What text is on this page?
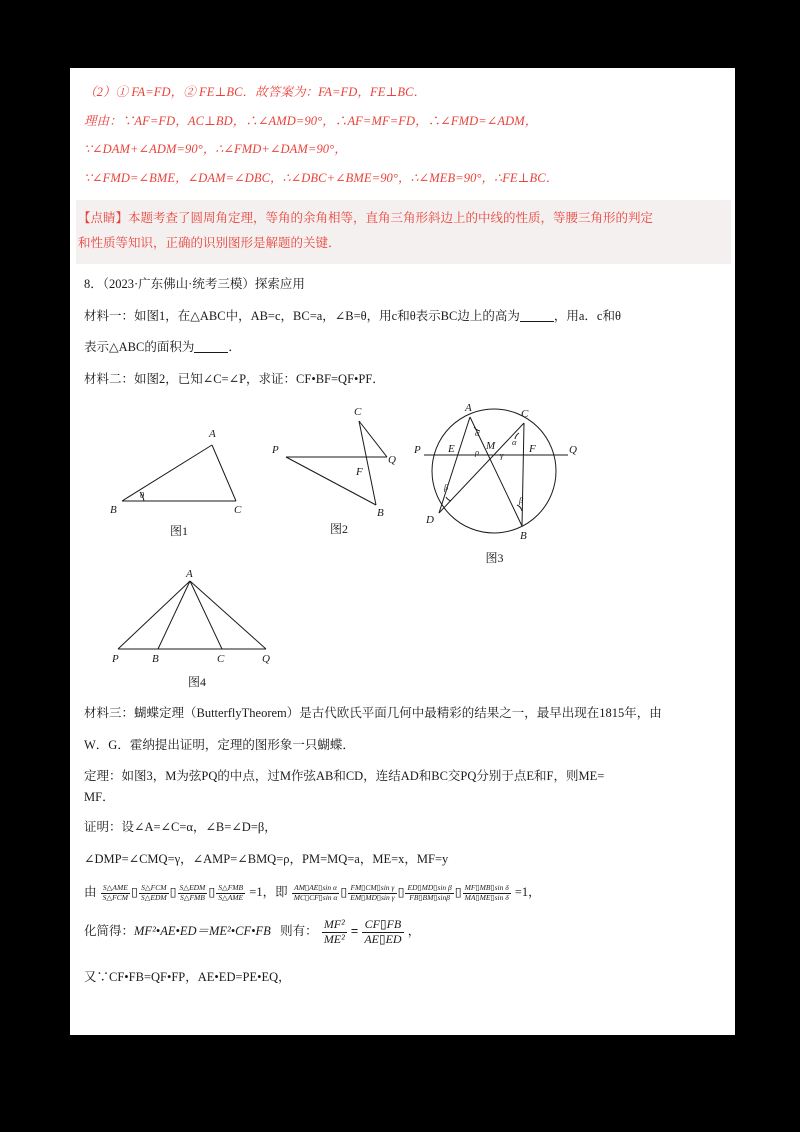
（2）① FA=FD，② FE⊥BC．故答案为：FA=FD，FE⊥BC．

理由：∵AF=FD，AC⊥BD，∴∠AMD=90°，∴AF=MF=FD，∴∠FMD=∠ADM，

∵∠DAM+∠ADM=90°，∴∠FMD+∠DAM=90°，

∵∠FMD=∠BME，∠DAM=∠DBC，∴∠DBC+∠BME=90°，∴∠MEB=90°，∴FE⊥BC．

【点睛】本题考查了圆周角定理，等角的余角相等，直角三角形斜边上的中线的性质，等腰三角形的判定

和性质等知识，正确的识别图形是解题的关键．

8．（2023·广东佛山·统考三模）探索应用

材料一：如图1，在△ABC中，AB=c，BC=a，∠B=θ，用c和θ表示BC边上的高为	，用a．c和θ

表示△ABC的面积为	．

材料二：如图2，已知∠C=∠P，求证：CF•BF=QF•PF．

A
B	C
θ
图1
C
P
Q
F
B
图2
A	C
P	Q
D
B
E	F
M
α
α
β
β
ρ γ
图3
A
P	B	C	Q
图4

材料三：蝴蝶定理（ButterflyTheorem）是古代欧氏平面几何中最精彩的结果之一，最早出现在1815年，由

W．G．霍纳提出证明，定理的图形象一只蝴蝶．

定理：如图3，M为弦PQ的中点，过M作弦AB和CD，连结AD和BC交PQ分别于点E和F，则ME=

MF．

证明：设∠A=∠C=α，∠B=∠D=β，

∠DMP=∠CMQ=γ，∠AMP=∠BMQ=ρ，PM=MQ=a，ME=x，MF=y

由 $\frac{\text{S△AME}}{\text{S△FCM}}$ ▯ $\frac{\text{S△FCM}}{\text{S△EDM}}$ ▯ $\frac{\text{S△EDM}}{\text{S△FMB}}$ ▯ $\frac{\text{S△FMB}}{\text{S△AME}} =1$，即 $\frac{\text{AM▯AE▯sin α}}{\text{MC▯CF▯sin α}}$ ▯ $\frac{\text{FM▯CM▯sin γ}}{\text{EM▯MD▯sin γ}}$ ▯ $\frac{\text{ED▯MD▯sin β}}{FB▯BM▯\sin\beta}$ ▯ $\frac{\text{MF▯MB▯sin δ}}{\text{MA▯ME▯sin δ}} =1$，
化简得：MF²•AE•ED＝ME²•CF•FB 则有： $\frac{\text{MF²}}{\text{ME²}} = \frac{CF▯FB}{AE▯ED}$ ，

又∵CF•FB=QF•FP，AE•ED=PE•EQ，
